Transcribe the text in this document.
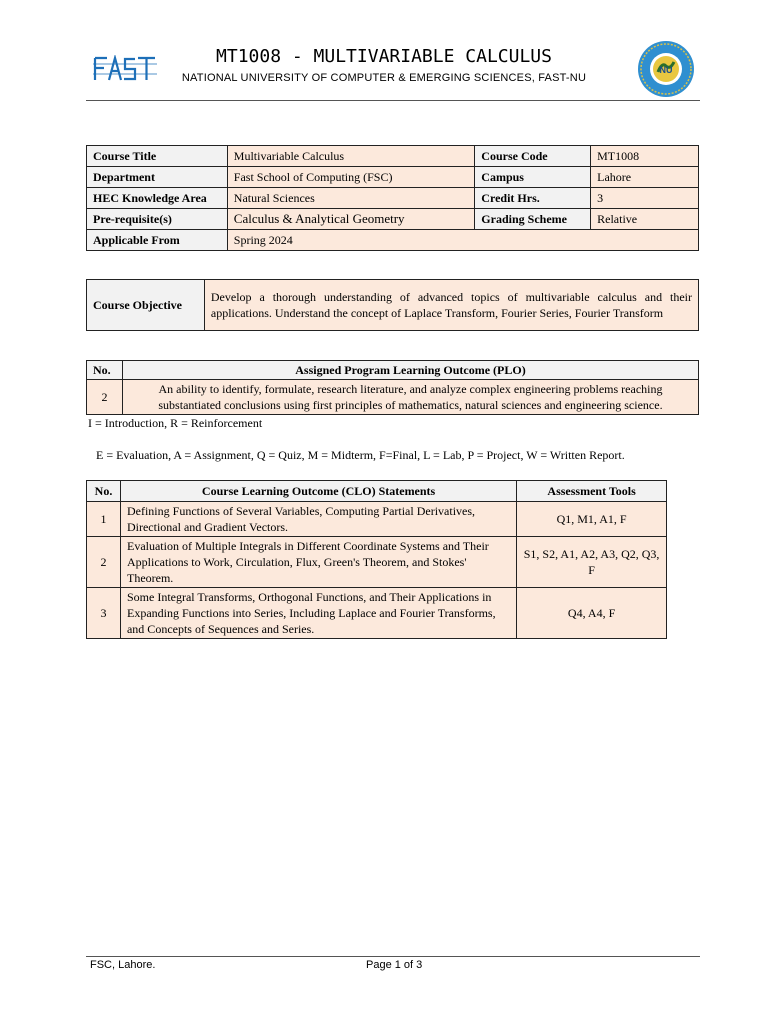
FAST	MT1008 - MULTIVARIABLE CALCULUS
NATIONAL UNIVERSITY OF COMPUTER & EMERGING SCIENCES, FAST-NU
NU
Course Title	Multivariable Calculus	Course Code	MT1008
Department	Fast School of Computing (FSC)	Campus	Lahore
HEC Knowledge Area	Natural Sciences	Credit Hrs.	3
Pre-requisite(s)	Calculus & Analytical Geometry	Grading Scheme	Relative
Applicable From	Spring 2024		
Course Objective	Develop a thorough understanding of advanced topics of multivariable calculus and their applications. Understand the concept of Laplace Transform, Fourier Series, Fourier Transform
No.	Assigned Program Learning Outcome (PLO)
2	An ability to identify, formulate, research literature, and analyze complex engineering problems reaching substantiated conclusions using first principles of mathematics, natural sciences and engineering science.
I = Introduction, R = Reinforcement
E = Evaluation, A = Assignment, Q = Quiz, M = Midterm, F=Final, L = Lab, P = Project, W = Written Report.
No.	Course Learning Outcome (CLO) Statements	Assessment Tools
1	Defining Functions of Several Variables, Computing Partial Derivatives, Directional and Gradient Vectors.	Q1, M1, A1, F
2	Evaluation of Multiple Integrals in Different Coordinate Systems and Their Applications to Work, Circulation, Flux, Green's Theorem, and Stokes' Theorem.	S1, S2, A1, A2, A3, Q2, Q3, F
3	Some Integral Transforms, Orthogonal Functions, and Their Applications in Expanding Functions into Series, Including Laplace and Fourier Transforms, and Concepts of Sequences and Series.	Q4, A4, F
FSC, Lahore.	Page 1 of 3
